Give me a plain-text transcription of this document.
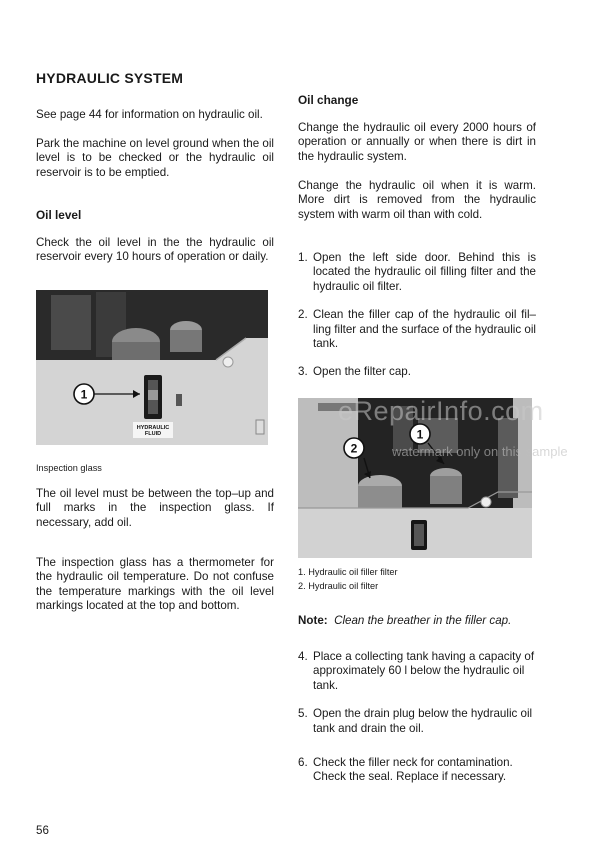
HYDRAULIC SYSTEM

See page 44 for information on hydraulic oil.

Park the machine on level ground when the oil level is to be checked or the hydraulic oil reservoir is to be emptied.

Oil level

Check the oil level in the the hydraulic oil reservoir every 10 hours of operation or daily.

HYDRAULIC
FLUID
1

Inspection glass

The oil level must be between the top–up and full marks in the inspection glass. If necessary, add oil.

The inspection glass has a thermometer for the hydraulic oil temperature. Do not confuse the temperature markings with the oil level markings located at the top and bottom.

Oil change

Change the hydraulic oil every 2000 hours of operation or annually or when there is dirt in the hydraulic system.

Change the hydraulic oil when it is warm. More dirt is removed from the hydraulic system with warm oil than with cold.

1. Open the left side door. Behind this is located the hydraulic oil filling filter and the hydraulic oil filter.
2. Clean the filler cap of the hydraulic oil fil–ling filter and the surface of the hydraulic oil tank.
3. Open the filter cap.
2
1
eRepairInfo.com
watermark only on this sample

1. Hydraulic oil filler filter

2. Hydraulic oil filter

Note: Clean the breather in the filler cap.

4. Place a collecting tank having a capacity of approximately 60 l below the hydraulic oil tank.
5. Open the drain plug below the hydraulic oil tank and drain the oil.
6. Check the filler neck for contamination. Check the seal. Replace if necessary.

56
